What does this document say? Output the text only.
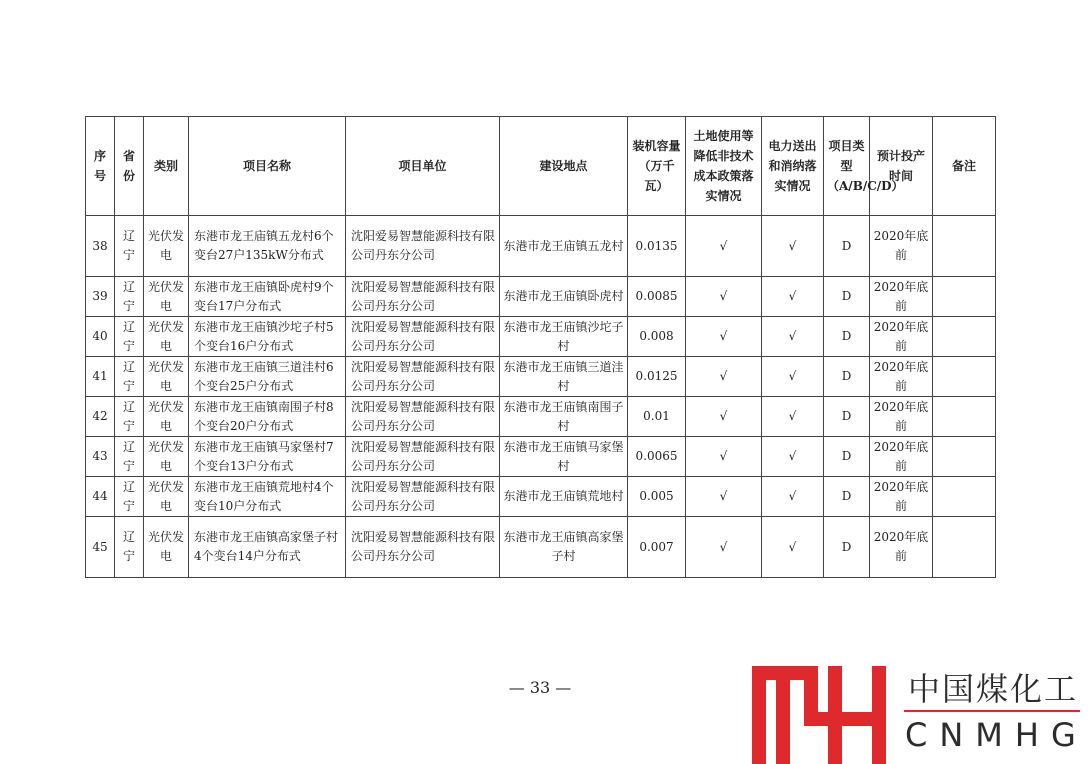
序号	省份	类别	项目名称	项目单位	建设地点	装机容量（万千瓦）	土地使用等降低非技术成本政策落实情况	电力送出和消纳落实情况	项目类型（A/B/C/D）	预计投产时间	备注
38	辽宁	光伏发电	东港市龙王庙镇五龙村6个变台27户135kW分布式	沈阳爱易智慧能源科技有限公司丹东分公司	东港市龙王庙镇五龙村	0.0135	√	√	D	2020年底前	
39	辽宁	光伏发电	东港市龙王庙镇卧虎村9个变台17户分布式	沈阳爱易智慧能源科技有限公司丹东分公司	东港市龙王庙镇卧虎村	0.0085	√	√	D	2020年底前	
40	辽宁	光伏发电	东港市龙王庙镇沙坨子村5个变台16户分布式	沈阳爱易智慧能源科技有限公司丹东分公司	东港市龙王庙镇沙坨子村	0.008	√	√	D	2020年底前	
41	辽宁	光伏发电	东港市龙王庙镇三道洼村6个变台25户分布式	沈阳爱易智慧能源科技有限公司丹东分公司	东港市龙王庙镇三道洼村	0.0125	√	√	D	2020年底前	
42	辽宁	光伏发电	东港市龙王庙镇南围子村8个变台20户分布式	沈阳爱易智慧能源科技有限公司丹东分公司	东港市龙王庙镇南围子村	0.01	√	√	D	2020年底前	
43	辽宁	光伏发电	东港市龙王庙镇马家堡村7个变台13户分布式	沈阳爱易智慧能源科技有限公司丹东分公司	东港市龙王庙镇马家堡村	0.0065	√	√	D	2020年底前	
44	辽宁	光伏发电	东港市龙王庙镇荒地村4个变台10户分布式	沈阳爱易智慧能源科技有限公司丹东分公司	东港市龙王庙镇荒地村	0.005	√	√	D	2020年底前	
45	辽宁	光伏发电	东港市龙王庙镇高家堡子村4个变台14户分布式	沈阳爱易智慧能源科技有限公司丹东分公司	东港市龙王庙镇高家堡子村	0.007	√	√	D	2020年底前	
— 33 —	中国煤化工
CNMHG
